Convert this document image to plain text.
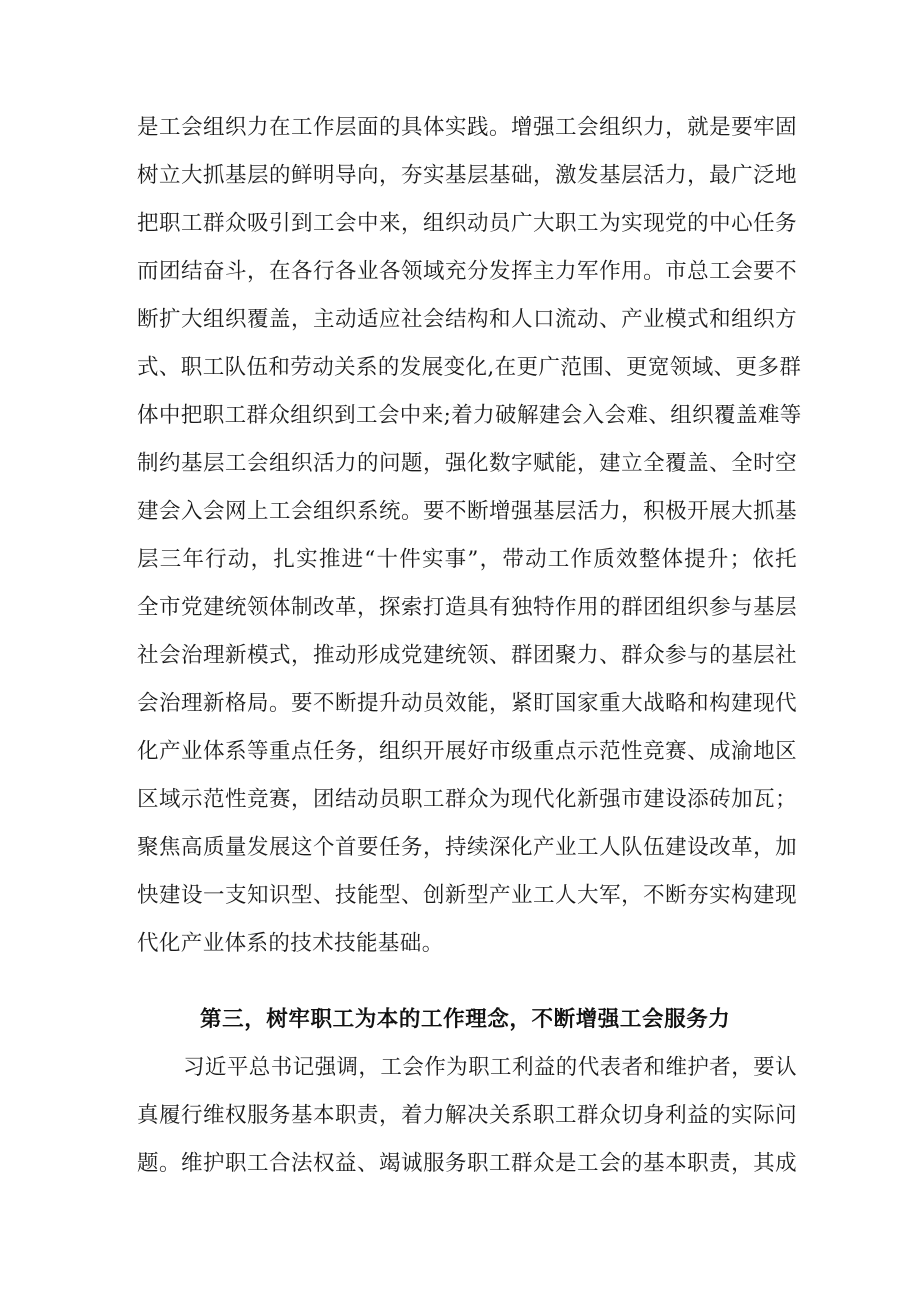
是工会组织力在工作层面的具体实践。增强工会组织力，就是要牢固
树立大抓基层的鲜明导向，夯实基层基础，激发基层活力，最广泛地
把职工群众吸引到工会中来，组织动员广大职工为实现党的中心任务
而团结奋斗，在各行各业各领域充分发挥主力军作用。市总工会要不
断扩大组织覆盖，主动适应社会结构和人口流动、产业模式和组织方
式、职工队伍和劳动关系的发展变化,在更广范围、更宽领域、更多群
体中把职工群众组织到工会中来;着力破解建会入会难、组织覆盖难等
制约基层工会组织活力的问题，强化数字赋能，建立全覆盖、全时空
建会入会网上工会组织系统。要不断增强基层活力，积极开展大抓基
层三年行动，扎实推进“十件实事”，带动工作质效整体提升；依托
全市党建统领体制改革，探索打造具有独特作用的群团组织参与基层
社会治理新模式，推动形成党建统领、群团聚力、群众参与的基层社
会治理新格局。要不断提升动员效能，紧盯国家重大战略和构建现代
化产业体系等重点任务，组织开展好市级重点示范性竞赛、成渝地区
区域示范性竞赛，团结动员职工群众为现代化新强市建设添砖加瓦；
聚焦高质量发展这个首要任务，持续深化产业工人队伍建设改革，加
快建设一支知识型、技能型、创新型产业工人大军，不断夯实构建现
代化产业体系的技术技能基础。
第三，树牢职工为本的工作理念，不断增强工会服务力
习近平总书记强调，工会作为职工利益的代表者和维护者，要认
真履行维权服务基本职责，着力解决关系职工群众切身利益的实际问
题。维护职工合法权益、竭诚服务职工群众是工会的基本职责，其成
